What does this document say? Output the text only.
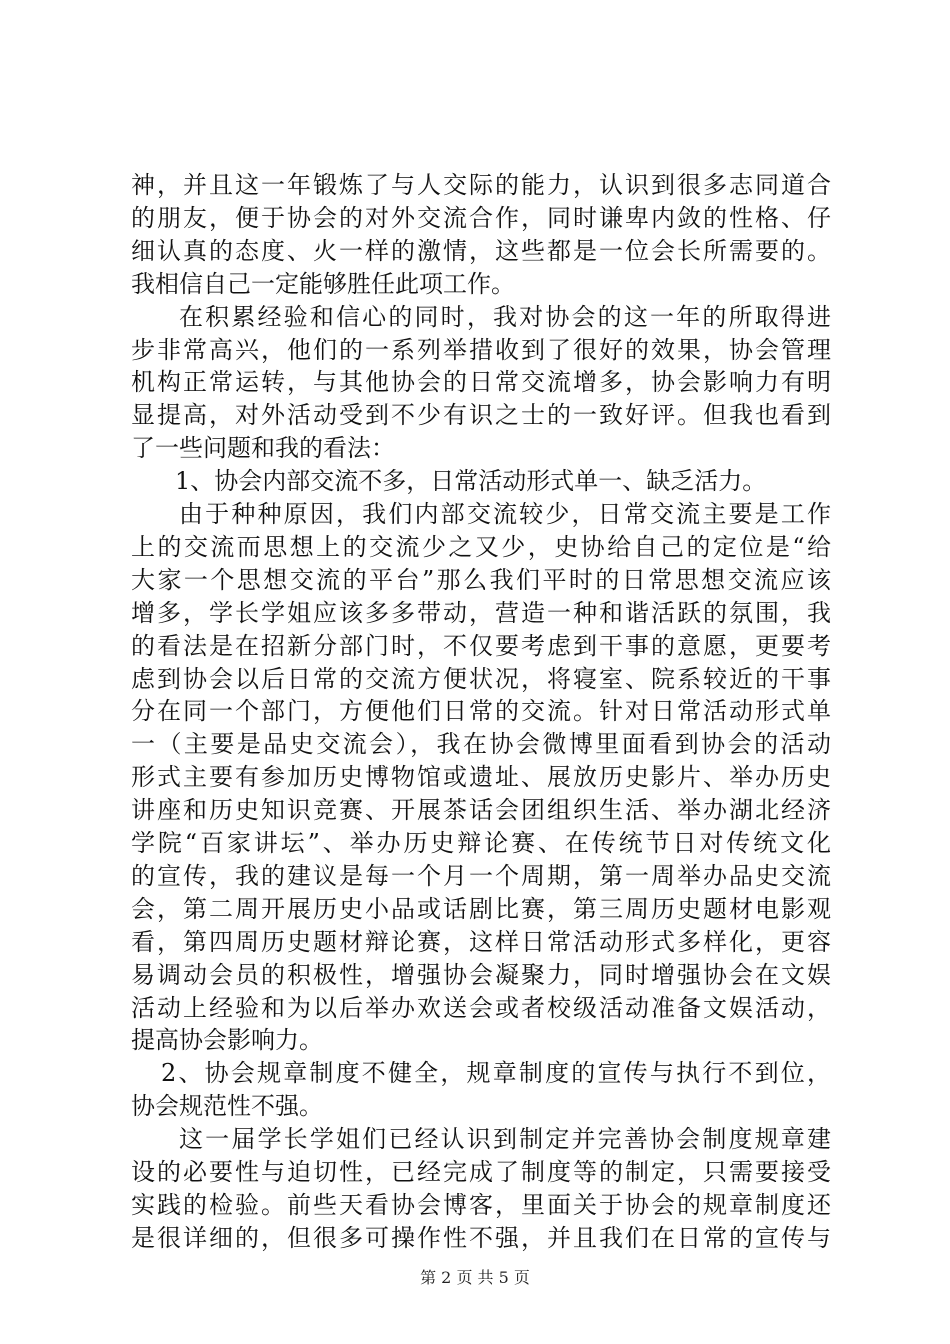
神，并且这一年锻炼了与人交际的能力，认识到很多志同道合
的朋友，便于协会的对外交流合作，同时谦卑内敛的性格、仔
细认真的态度、火一样的激情，这些都是一位会长所需要的。
我相信自己一定能够胜任此项工作。
在积累经验和信心的同时，我对协会的这一年的所取得进
步非常高兴，他们的一系列举措收到了很好的效果，协会管理
机构正常运转，与其他协会的日常交流增多，协会影响力有明
显提高，对外活动受到不少有识之士的一致好评。但我也看到
了一些问题和我的看法：
1、协会内部交流不多，日常活动形式单一、缺乏活力。
由于种种原因，我们内部交流较少，日常交流主要是工作
上的交流而思想上的交流少之又少，史协给自己的定位是“给
大家一个思想交流的平台”那么我们平时的日常思想交流应该
增多，学长学姐应该多多带动，营造一种和谐活跃的氛围，我
的看法是在招新分部门时，不仅要考虑到干事的意愿，更要考
虑到协会以后日常的交流方便状况，将寝室、院系较近的干事
分在同一个部门，方便他们日常的交流。针对日常活动形式单
一（主要是品史交流会），我在协会微博里面看到协会的活动
形式主要有参加历史博物馆或遗址、展放历史影片、举办历史
讲座和历史知识竞赛、开展茶话会团组织生活、举办湖北经济
学院“百家讲坛”、举办历史辩论赛、在传统节日对传统文化
的宣传，我的建议是每一个月一个周期，第一周举办品史交流
会，第二周开展历史小品或话剧比赛，第三周历史题材电影观
看，第四周历史题材辩论赛，这样日常活动形式多样化，更容
易调动会员的积极性，增强协会凝聚力，同时增强协会在文娱
活动上经验和为以后举办欢送会或者校级活动准备文娱活动，
提高协会影响力。
2、协会规章制度不健全，规章制度的宣传与执行不到位，
协会规范性不强。
这一届学长学姐们已经认识到制定并完善协会制度规章建
设的必要性与迫切性，已经完成了制度等的制定，只需要接受
实践的检验。前些天看协会博客，里面关于协会的规章制度还
是很详细的，但很多可操作性不强，并且我们在日常的宣传与
第 2 页 共 5 页
